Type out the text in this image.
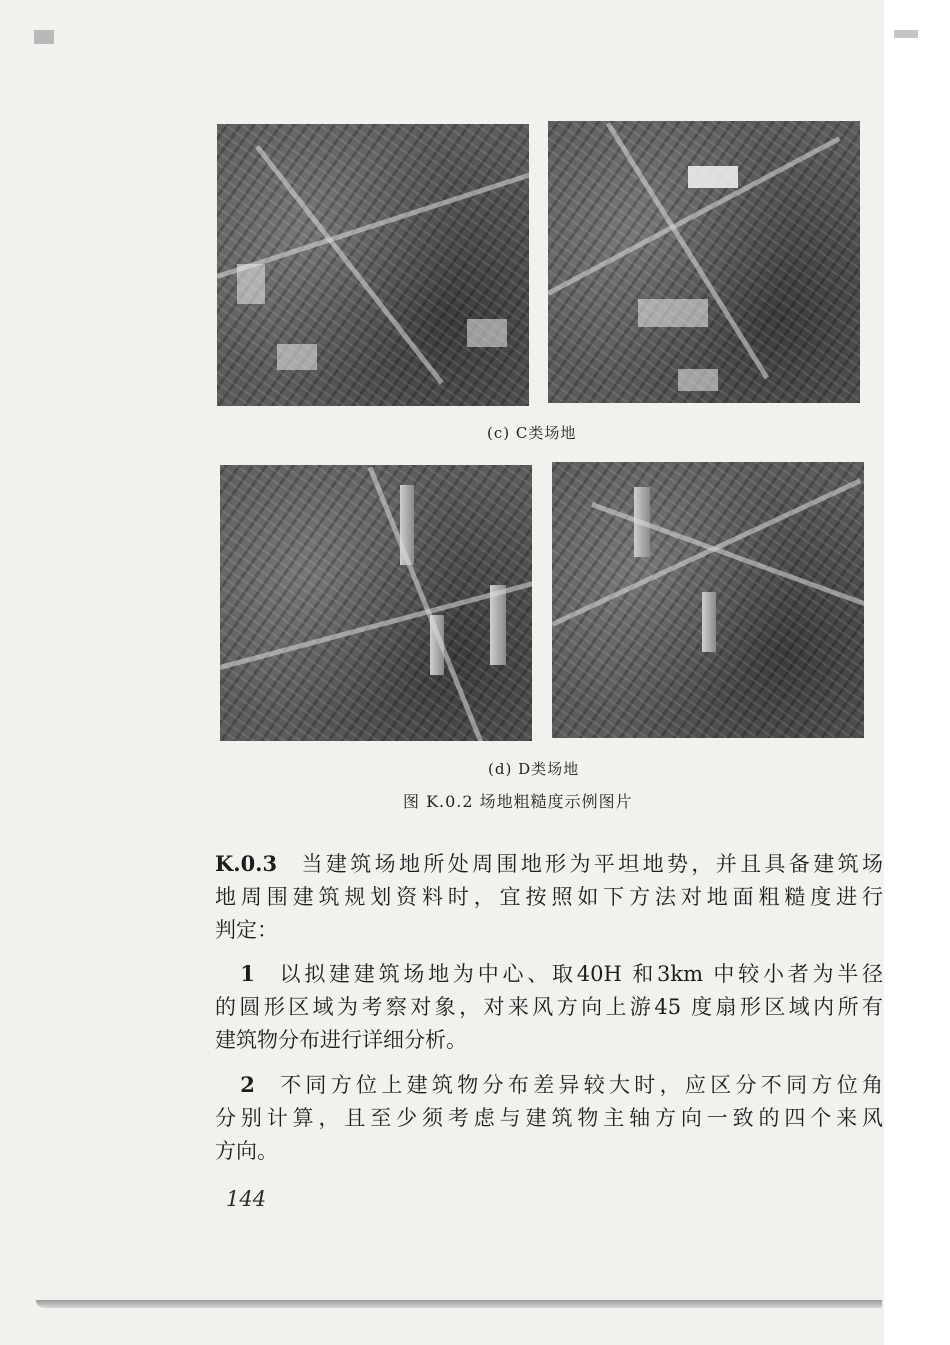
(c) C类场地
(d) D类场地
图 K.0.2 场地粗糙度示例图片
K.0.3  当建筑场地所处周围地形为平坦地势，并且具备建筑场
地周围建筑规划资料时，宜按照如下方法对地面粗糙度进行
判定：
  1  以拟建建筑场地为中心、取40H 和3km 中较小者为半径
的圆形区域为考察对象，对来风方向上游45 度扇形区域内所有
建筑物分布进行详细分析。
  2  不同方位上建筑物分布差异较大时，应区分不同方位角
分别计算，且至少须考虑与建筑物主轴方向一致的四个来风
方向。
144
